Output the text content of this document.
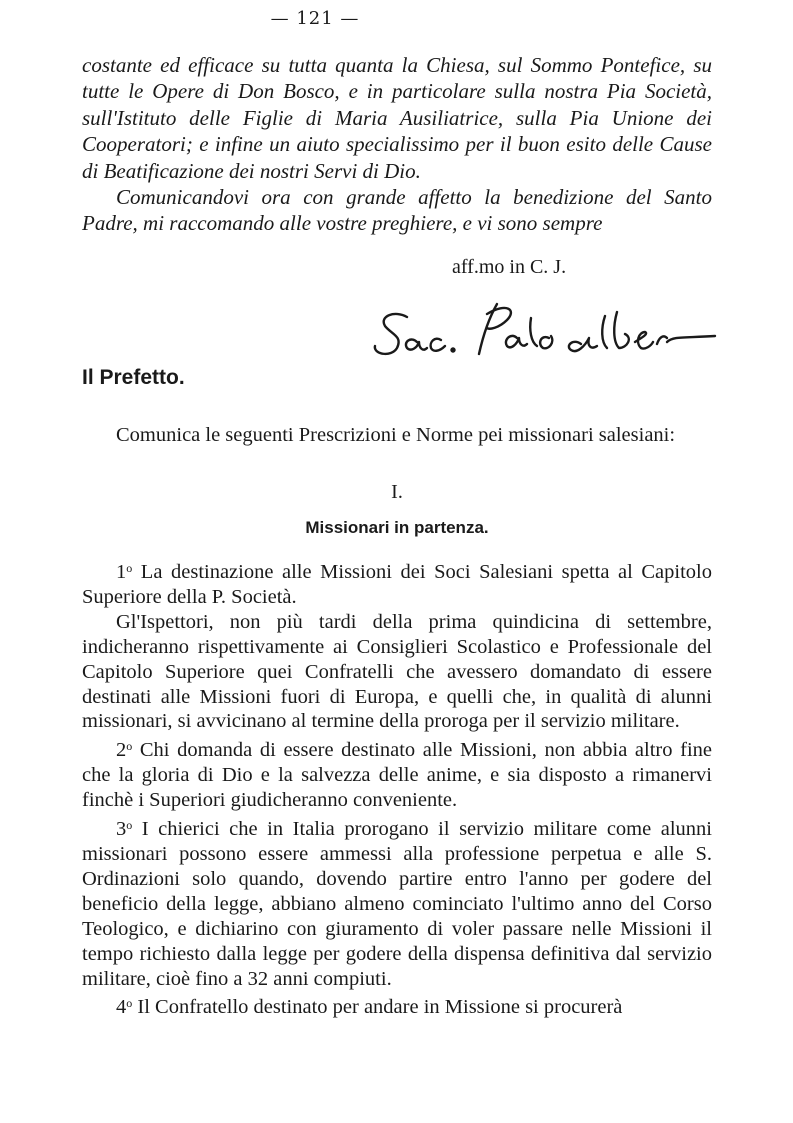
— 121 —

costante ed efficace su tutta quanta la Chiesa, sul Sommo Pontefice, su tutte le Opere di Don Bosco, e in particolare sulla nostra Pia Società, sull'Istituto delle Figlie di Maria Ausiliatrice, sulla Pia Unione dei Cooperatori; e infine un aiuto specialissimo per il buon esito delle Cause di Beatificazione dei nostri Servi di Dio.

Comunicandovi ora con grande affetto la benedizione del Santo Padre, mi raccomando alle vostre preghiere, e vi sono sempre

aff.mo in C. J.
Il Prefetto.

Comunica le seguenti Prescrizioni e Norme pei missionari salesiani:

I.
Missionari in partenza.

1$^o$ La destinazione alle Missioni dei Soci Salesiani spetta al Capitolo Superiore della P. Società.

Gl'Ispettori, non più tardi della prima quindicina di settembre, indicheranno rispettivamente ai Consiglieri Scolastico e Professionale del Capitolo Superiore quei Confratelli che avessero domandato di essere destinati alle Missioni fuori di Europa, e quelli che, in qualità di alunni missionari, si avvicinano al termine della proroga per il servizio militare.

2$^o$ Chi domanda di essere destinato alle Missioni, non abbia altro fine che la gloria di Dio e la salvezza delle anime, e sia disposto a rimanervi finchè i Superiori giudicheranno conveniente.

3$^o$ I chierici che in Italia prorogano il servizio militare come alunni missionari possono essere ammessi alla professione perpetua e alle S. Ordinazioni solo quando, dovendo partire entro l'anno per godere del beneficio della legge, abbiano almeno cominciato l'ultimo anno del Corso Teologico, e dichiarino con giuramento di voler passare nelle Missioni il tempo richiesto dalla legge per godere della dispensa definitiva dal servizio militare, cioè fino a 32 anni compiuti.

4$^o$ Il Confratello destinato per andare in Missione si procurerà
